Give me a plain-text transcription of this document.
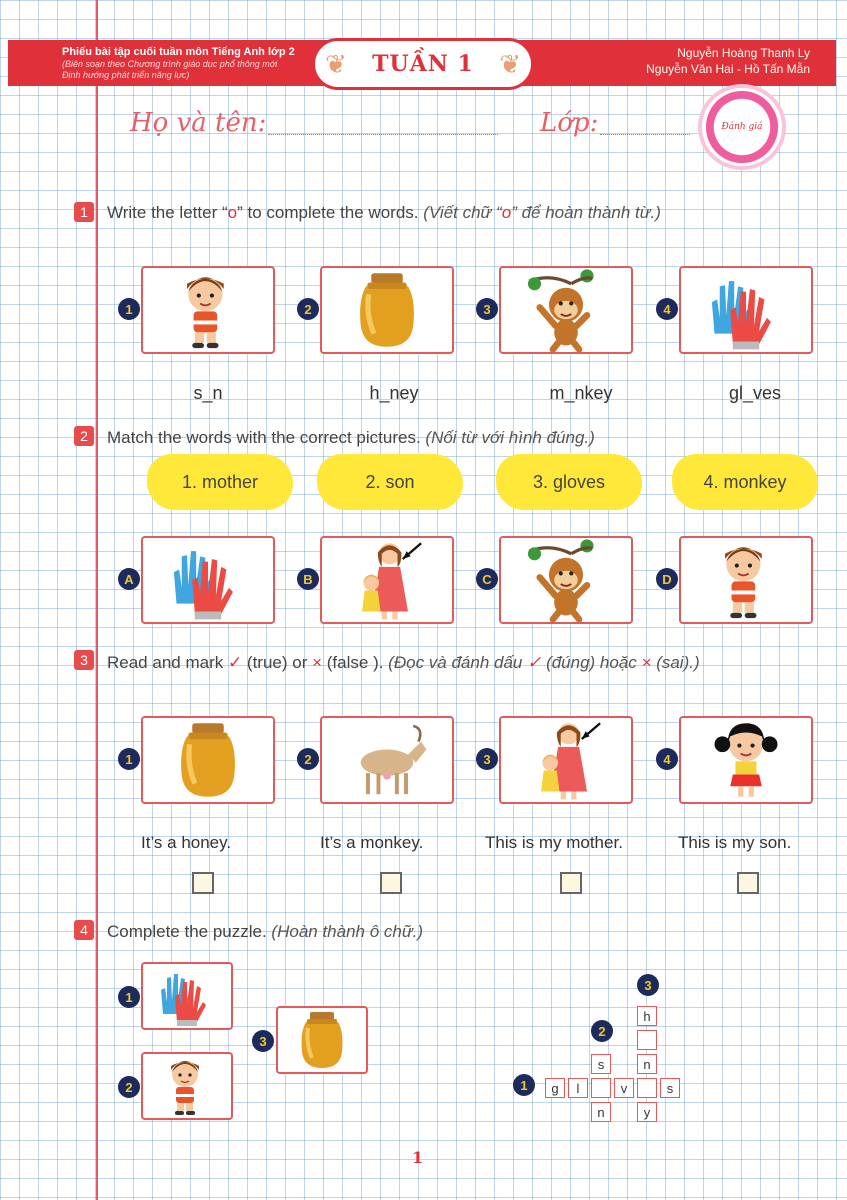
Phiếu bài tập cuối tuần môn Tiếng Anh lớp 2
(Biên soạn theo Chương trình giáo dục phổ thông mới
Định hướng phát triển năng lực)	❦ TUẦN 1 ❦	Nguyễn Hoàng Thanh Ly
Nguyễn Văn Hai - Hồ Tấn Mẫn
Họ và tên:	Lớp:	Đánh giá
1	Write the letter “o” to complete the words. (Viết chữ “o” để hoàn thành từ.)
1
s_n
2
h_ney
3
m_nkey
4
gl_ves
2	Match the words with the correct pictures. (Nối từ với hình đúng.)
1. mother	2. son	3. gloves	4. monkey
A	B	C	D
3	Read and mark ✓ (true) or × (false ). (Đọc và đánh dấu ✓ (đúng) hoặc × (sai).)
1
It’s a honey.
2
It’s a monkey.
3
This is my mother.
4
This is my son.
4	Complete the puzzle. (Hoàn thành ô chữ.)
1
2
3
3
2
1
h
n
y
s
n
g	l	v	s
1
